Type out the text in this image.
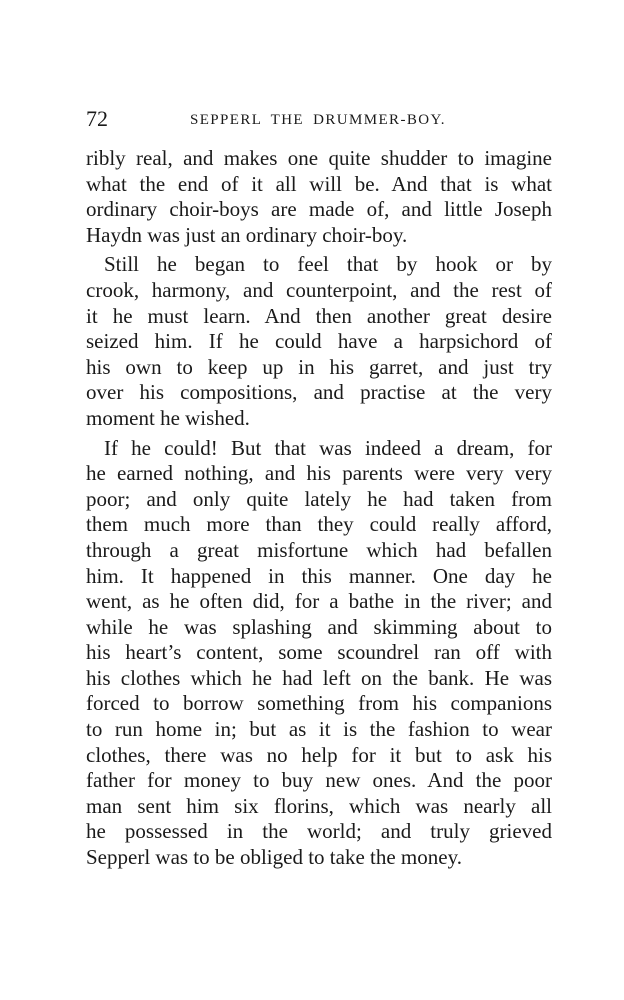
72	SEPPERL THE DRUMMER-BOY.
ribly real, and makes one quite shudder to imagine
what the end of it all will be. And that is what
ordinary choir-boys are made of, and little Joseph
Haydn was just an ordinary choir-boy.
Still he began to feel that by hook or by
crook, harmony, and counterpoint, and the rest of
it he must learn. And then another great desire
seized him. If he could have a harpsichord of
his own to keep up in his garret, and just try
over his compositions, and practise at the very
moment he wished.
If he could! But that was indeed a dream, for
he earned nothing, and his parents were very very
poor; and only quite lately he had taken from
them much more than they could really afford,
through a great misfortune which had befallen
him. It happened in this manner. One day he
went, as he often did, for a bathe in the river; and
while he was splashing and skimming about to
his heart’s content, some scoundrel ran off with
his clothes which he had left on the bank. He was
forced to borrow something from his companions
to run home in; but as it is the fashion to wear
clothes, there was no help for it but to ask his
father for money to buy new ones. And the poor
man sent him six florins, which was nearly all
he possessed in the world; and truly grieved
Sepperl was to be obliged to take the money.
